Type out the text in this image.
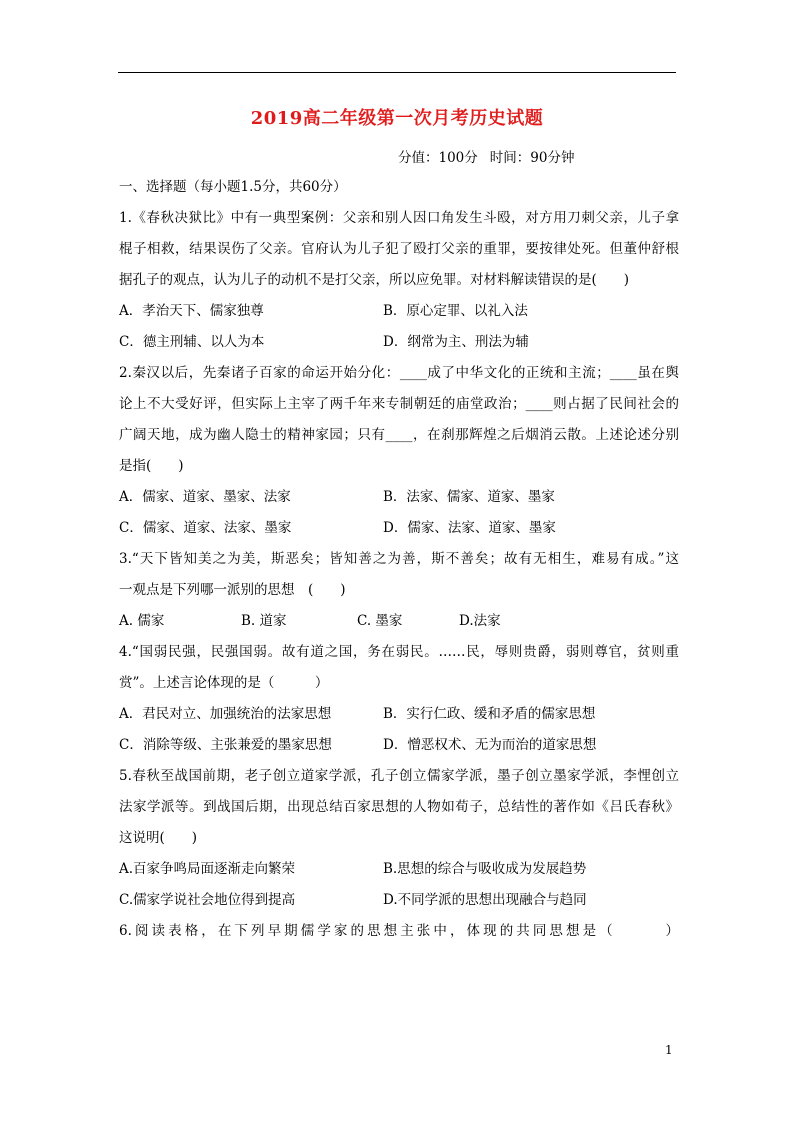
2019高二年级第一次月考历史试题
分值：100分 时间：90分钟
一、选择题（每小题1.5分，共60分）
1.《春秋决狱比》中有一典型案例：父亲和别人因口角发生斗殴，对方用刀刺父亲，儿子拿
棍子相救，结果误伤了父亲。官府认为儿子犯了殴打父亲的重罪，要按律处死。但董仲舒根
据孔子的观点，认为儿子的动机不是打父亲，所以应免罪。对材料解读错误的是(　　)
A．孝治天下、儒家独尊	B．原心定罪、以礼入法
C．德主刑辅、以人为本	D．纲常为主、刑法为辅
2.秦汉以后，先秦诸子百家的命运开始分化：____成了中华文化的正统和主流；____虽在舆
论上不大受好评，但实际上主宰了两千年来专制朝廷的庙堂政治；____则占据了民间社会的
广阔天地，成为幽人隐士的精神家园；只有____，在刹那辉煌之后烟消云散。上述论述分别
是指(　　)
A．儒家、道家、墨家、法家	B．法家、儒家、道家、墨家
C．儒家、道家、法家、墨家	D．儒家、法家、道家、墨家
3.“天下皆知美之为美，斯恶矣；皆知善之为善，斯不善矣；故有无相生，难易有成。”这
一观点是下列哪一派别的思想　(　　)
A. 儒家	B. 道家	C. 墨家	D.法家
4.“国弱民强，民强国弱。故有道之国，务在弱民。……民，辱则贵爵，弱则尊官，贫则重
赏”。上述言论体现的是（　　　）
A．君民对立、加强统治的法家思想	B．实行仁政、缓和矛盾的儒家思想
C．消除等级、主张兼爱的墨家思想	D．憎恶权术、无为而治的道家思想
5.春秋至战国前期，老子创立道家学派，孔子创立儒家学派，墨子创立墨家学派，李悝创立
法家学派等。到战国后期，出现总结百家思想的人物如荀子，总结性的著作如《吕氏春秋》
这说明(　　)
A.百家争鸣局面逐渐走向繁荣	B.思想的综合与吸收成为发展趋势
C.儒家学说社会地位得到提高	D.不同学派的思想出现融合与趋同
6.阅读表格，在下列早期儒学家的思想主张中，体现的共同思想是（　　　）
1
